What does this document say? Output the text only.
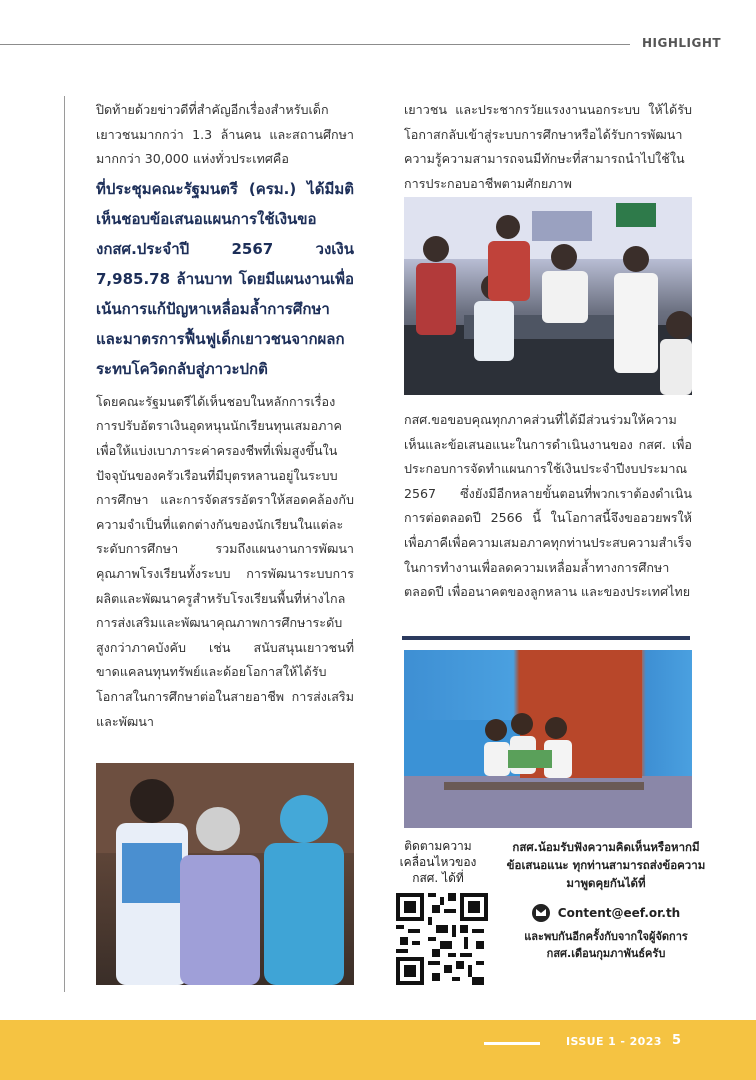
HIGHLIGHT

ปิดท้ายด้วยข่าวดีที่สำคัญอีกเรื่องสำหรับเด็กเยาวชนมากกว่า 1.3 ล้านคน และสถานศึกษามากกว่า 30,000 แห่งทั่วประเทศคือ

ที่ประชุมคณะรัฐมนตรี (ครม.) ได้มีมติเห็นชอบข้อเสนอแผนการใช้เงินของกสศ.ประจำปี 2567 วงเงิน 7,985.78 ล้านบาท โดยมีแผนงานเพื่อเน้นการแก้ปัญหาเหลื่อมล้ำการศึกษา และมาตรการฟื้นฟูเด็กเยาวชนจากผลกระทบโควิดกลับสู่ภาวะปกติ

โดยคณะรัฐมนตรีได้เห็นชอบในหลักการเรื่องการปรับอัตราเงินอุดหนุนนักเรียนทุนเสมอภาคเพื่อให้แบ่งเบาภาระค่าครองชีพที่เพิ่มสูงขึ้นในปัจจุบันของครัวเรือนที่มีบุตรหลานอยู่ในระบบการศึกษา และการจัดสรรอัตราให้สอดคล้องกับความจำเป็นที่แตกต่างกันของนักเรียนในแต่ละระดับการศึกษา รวมถึงแผนงานการพัฒนาคุณภาพโรงเรียนทั้งระบบ การพัฒนาระบบการผลิตและพัฒนาครูสำหรับโรงเรียนพื้นที่ห่างไกล การส่งเสริมและพัฒนาคุณภาพการศึกษาระดับสูงกว่าภาคบังคับ เช่น สนับสนุนเยาวชนที่ขาดแคลนทุนทรัพย์และด้อยโอกาสให้ได้รับโอกาสในการศึกษาต่อในสายอาชีพ การส่งเสริมและพัฒนา

เยาวชน และประชากรวัยแรงงานนอกระบบ ให้ได้รับโอกาสกลับเข้าสู่ระบบการศึกษาหรือได้รับการพัฒนาความรู้ความสามารถจนมีทักษะที่สามารถนำไปใช้ในการประกอบอาชีพตามศักยภาพ

กสศ.ขอขอบคุณทุกภาคส่วนที่ได้มีส่วนร่วมให้ความเห็นและข้อเสนอแนะในการดำเนินงานของ กสศ. เพื่อประกอบการจัดทำแผนการใช้เงินประจำปีงบประมาณ 2567 ซึ่งยังมีอีกหลายขั้นตอนที่พวกเราต้องดำเนินการต่อตลอดปี 2566 นี้ ในโอกาสนี้จึงขออวยพรให้เพื่อภาคีเพื่อความเสมอภาคทุกท่านประสบความสำเร็จในการทำงานเพื่อลดความเหลื่อมล้ำทางการศึกษาตลอดปี เพื่ออนาคตของลูกหลาน และของประเทศไทย

ติดตามความเคลื่อนไหวของ กสศ. ได้ที่

กสศ.น้อมรับฟังความคิดเห็นหรือหากมีข้อเสนอแนะ ทุกท่านสามารถส่งข้อความมาพูดคุยกันได้ที่

Content@eef.or.th
และพบกันอีกครั้งกับจากใจผู้จัดการ กสศ.เดือนกุมภาพันธ์ครับ
ISSUE 1 - 2023 5
